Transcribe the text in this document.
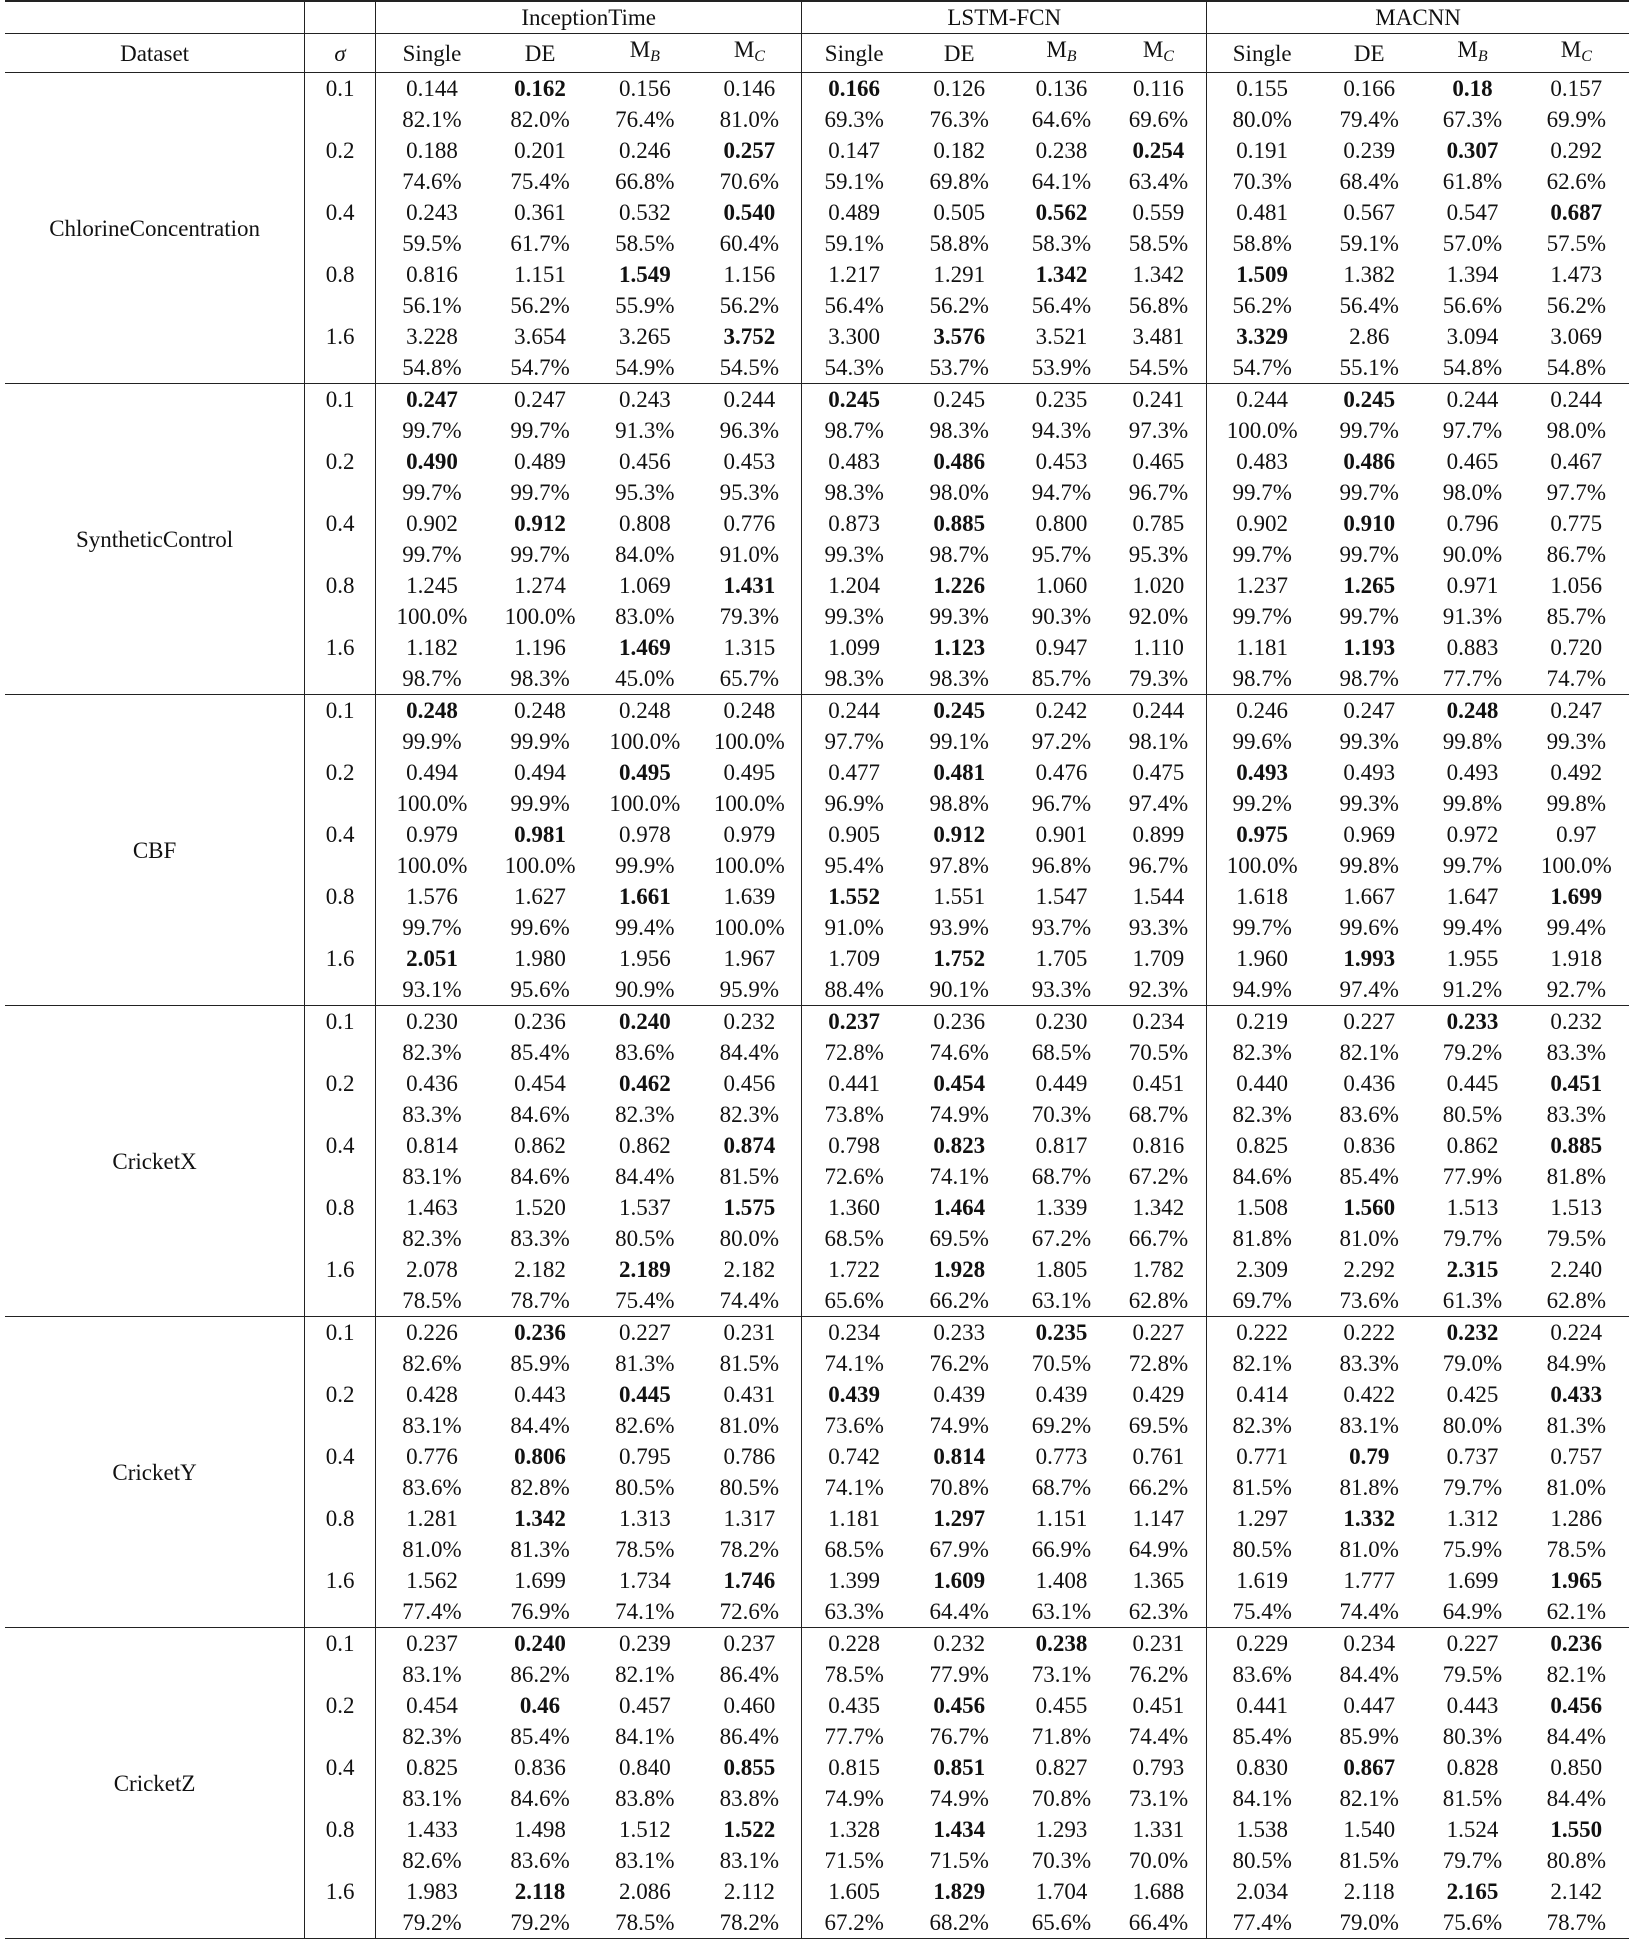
		InceptionTime				LSTM-FCN				MACNN			
Dataset	σ	Single	DE	$M_B$	$M_C$	Single	DE	$M_B$	$M_C$	Single	DE	$M_B$	$M_C$
ChlorineConcentration	0.1	0.144	0.162	0.156	0.146	0.166	0.126	0.136	0.116	0.155	0.166	0.18	0.157
		82.1%	82.0%	76.4%	81.0%	69.3%	76.3%	64.6%	69.6%	80.0%	79.4%	67.3%	69.9%
	0.2	0.188	0.201	0.246	0.257	0.147	0.182	0.238	0.254	0.191	0.239	0.307	0.292
		74.6%	75.4%	66.8%	70.6%	59.1%	69.8%	64.1%	63.4%	70.3%	68.4%	61.8%	62.6%
	0.4	0.243	0.361	0.532	0.540	0.489	0.505	0.562	0.559	0.481	0.567	0.547	0.687
		59.5%	61.7%	58.5%	60.4%	59.1%	58.8%	58.3%	58.5%	58.8%	59.1%	57.0%	57.5%
	0.8	0.816	1.151	1.549	1.156	1.217	1.291	1.342	1.342	1.509	1.382	1.394	1.473
		56.1%	56.2%	55.9%	56.2%	56.4%	56.2%	56.4%	56.8%	56.2%	56.4%	56.6%	56.2%
	1.6	3.228	3.654	3.265	3.752	3.300	3.576	3.521	3.481	3.329	2.86	3.094	3.069
		54.8%	54.7%	54.9%	54.5%	54.3%	53.7%	53.9%	54.5%	54.7%	55.1%	54.8%	54.8%
SyntheticControl	0.1	0.247	0.247	0.243	0.244	0.245	0.245	0.235	0.241	0.244	0.245	0.244	0.244
		99.7%	99.7%	91.3%	96.3%	98.7%	98.3%	94.3%	97.3%	100.0%	99.7%	97.7%	98.0%
	0.2	0.490	0.489	0.456	0.453	0.483	0.486	0.453	0.465	0.483	0.486	0.465	0.467
		99.7%	99.7%	95.3%	95.3%	98.3%	98.0%	94.7%	96.7%	99.7%	99.7%	98.0%	97.7%
	0.4	0.902	0.912	0.808	0.776	0.873	0.885	0.800	0.785	0.902	0.910	0.796	0.775
		99.7%	99.7%	84.0%	91.0%	99.3%	98.7%	95.7%	95.3%	99.7%	99.7%	90.0%	86.7%
	0.8	1.245	1.274	1.069	1.431	1.204	1.226	1.060	1.020	1.237	1.265	0.971	1.056
		100.0%	100.0%	83.0%	79.3%	99.3%	99.3%	90.3%	92.0%	99.7%	99.7%	91.3%	85.7%
	1.6	1.182	1.196	1.469	1.315	1.099	1.123	0.947	1.110	1.181	1.193	0.883	0.720
		98.7%	98.3%	45.0%	65.7%	98.3%	98.3%	85.7%	79.3%	98.7%	98.7%	77.7%	74.7%
CBF	0.1	0.248	0.248	0.248	0.248	0.244	0.245	0.242	0.244	0.246	0.247	0.248	0.247
		99.9%	99.9%	100.0%	100.0%	97.7%	99.1%	97.2%	98.1%	99.6%	99.3%	99.8%	99.3%
	0.2	0.494	0.494	0.495	0.495	0.477	0.481	0.476	0.475	0.493	0.493	0.493	0.492
		100.0%	99.9%	100.0%	100.0%	96.9%	98.8%	96.7%	97.4%	99.2%	99.3%	99.8%	99.8%
	0.4	0.979	0.981	0.978	0.979	0.905	0.912	0.901	0.899	0.975	0.969	0.972	0.97
		100.0%	100.0%	99.9%	100.0%	95.4%	97.8%	96.8%	96.7%	100.0%	99.8%	99.7%	100.0%
	0.8	1.576	1.627	1.661	1.639	1.552	1.551	1.547	1.544	1.618	1.667	1.647	1.699
		99.7%	99.6%	99.4%	100.0%	91.0%	93.9%	93.7%	93.3%	99.7%	99.6%	99.4%	99.4%
	1.6	2.051	1.980	1.956	1.967	1.709	1.752	1.705	1.709	1.960	1.993	1.955	1.918
		93.1%	95.6%	90.9%	95.9%	88.4%	90.1%	93.3%	92.3%	94.9%	97.4%	91.2%	92.7%
CricketX	0.1	0.230	0.236	0.240	0.232	0.237	0.236	0.230	0.234	0.219	0.227	0.233	0.232
		82.3%	85.4%	83.6%	84.4%	72.8%	74.6%	68.5%	70.5%	82.3%	82.1%	79.2%	83.3%
	0.2	0.436	0.454	0.462	0.456	0.441	0.454	0.449	0.451	0.440	0.436	0.445	0.451
		83.3%	84.6%	82.3%	82.3%	73.8%	74.9%	70.3%	68.7%	82.3%	83.6%	80.5%	83.3%
	0.4	0.814	0.862	0.862	0.874	0.798	0.823	0.817	0.816	0.825	0.836	0.862	0.885
		83.1%	84.6%	84.4%	81.5%	72.6%	74.1%	68.7%	67.2%	84.6%	85.4%	77.9%	81.8%
	0.8	1.463	1.520	1.537	1.575	1.360	1.464	1.339	1.342	1.508	1.560	1.513	1.513
		82.3%	83.3%	80.5%	80.0%	68.5%	69.5%	67.2%	66.7%	81.8%	81.0%	79.7%	79.5%
	1.6	2.078	2.182	2.189	2.182	1.722	1.928	1.805	1.782	2.309	2.292	2.315	2.240
		78.5%	78.7%	75.4%	74.4%	65.6%	66.2%	63.1%	62.8%	69.7%	73.6%	61.3%	62.8%
CricketY	0.1	0.226	0.236	0.227	0.231	0.234	0.233	0.235	0.227	0.222	0.222	0.232	0.224
		82.6%	85.9%	81.3%	81.5%	74.1%	76.2%	70.5%	72.8%	82.1%	83.3%	79.0%	84.9%
	0.2	0.428	0.443	0.445	0.431	0.439	0.439	0.439	0.429	0.414	0.422	0.425	0.433
		83.1%	84.4%	82.6%	81.0%	73.6%	74.9%	69.2%	69.5%	82.3%	83.1%	80.0%	81.3%
	0.4	0.776	0.806	0.795	0.786	0.742	0.814	0.773	0.761	0.771	0.79	0.737	0.757
		83.6%	82.8%	80.5%	80.5%	74.1%	70.8%	68.7%	66.2%	81.5%	81.8%	79.7%	81.0%
	0.8	1.281	1.342	1.313	1.317	1.181	1.297	1.151	1.147	1.297	1.332	1.312	1.286
		81.0%	81.3%	78.5%	78.2%	68.5%	67.9%	66.9%	64.9%	80.5%	81.0%	75.9%	78.5%
	1.6	1.562	1.699	1.734	1.746	1.399	1.609	1.408	1.365	1.619	1.777	1.699	1.965
		77.4%	76.9%	74.1%	72.6%	63.3%	64.4%	63.1%	62.3%	75.4%	74.4%	64.9%	62.1%
CricketZ	0.1	0.237	0.240	0.239	0.237	0.228	0.232	0.238	0.231	0.229	0.234	0.227	0.236
		83.1%	86.2%	82.1%	86.4%	78.5%	77.9%	73.1%	76.2%	83.6%	84.4%	79.5%	82.1%
	0.2	0.454	0.46	0.457	0.460	0.435	0.456	0.455	0.451	0.441	0.447	0.443	0.456
		82.3%	85.4%	84.1%	86.4%	77.7%	76.7%	71.8%	74.4%	85.4%	85.9%	80.3%	84.4%
	0.4	0.825	0.836	0.840	0.855	0.815	0.851	0.827	0.793	0.830	0.867	0.828	0.850
		83.1%	84.6%	83.8%	83.8%	74.9%	74.9%	70.8%	73.1%	84.1%	82.1%	81.5%	84.4%
	0.8	1.433	1.498	1.512	1.522	1.328	1.434	1.293	1.331	1.538	1.540	1.524	1.550
		82.6%	83.6%	83.1%	83.1%	71.5%	71.5%	70.3%	70.0%	80.5%	81.5%	79.7%	80.8%
	1.6	1.983	2.118	2.086	2.112	1.605	1.829	1.704	1.688	2.034	2.118	2.165	2.142
		79.2%	79.2%	78.5%	78.2%	67.2%	68.2%	65.6%	66.4%	77.4%	79.0%	75.6%	78.7%
